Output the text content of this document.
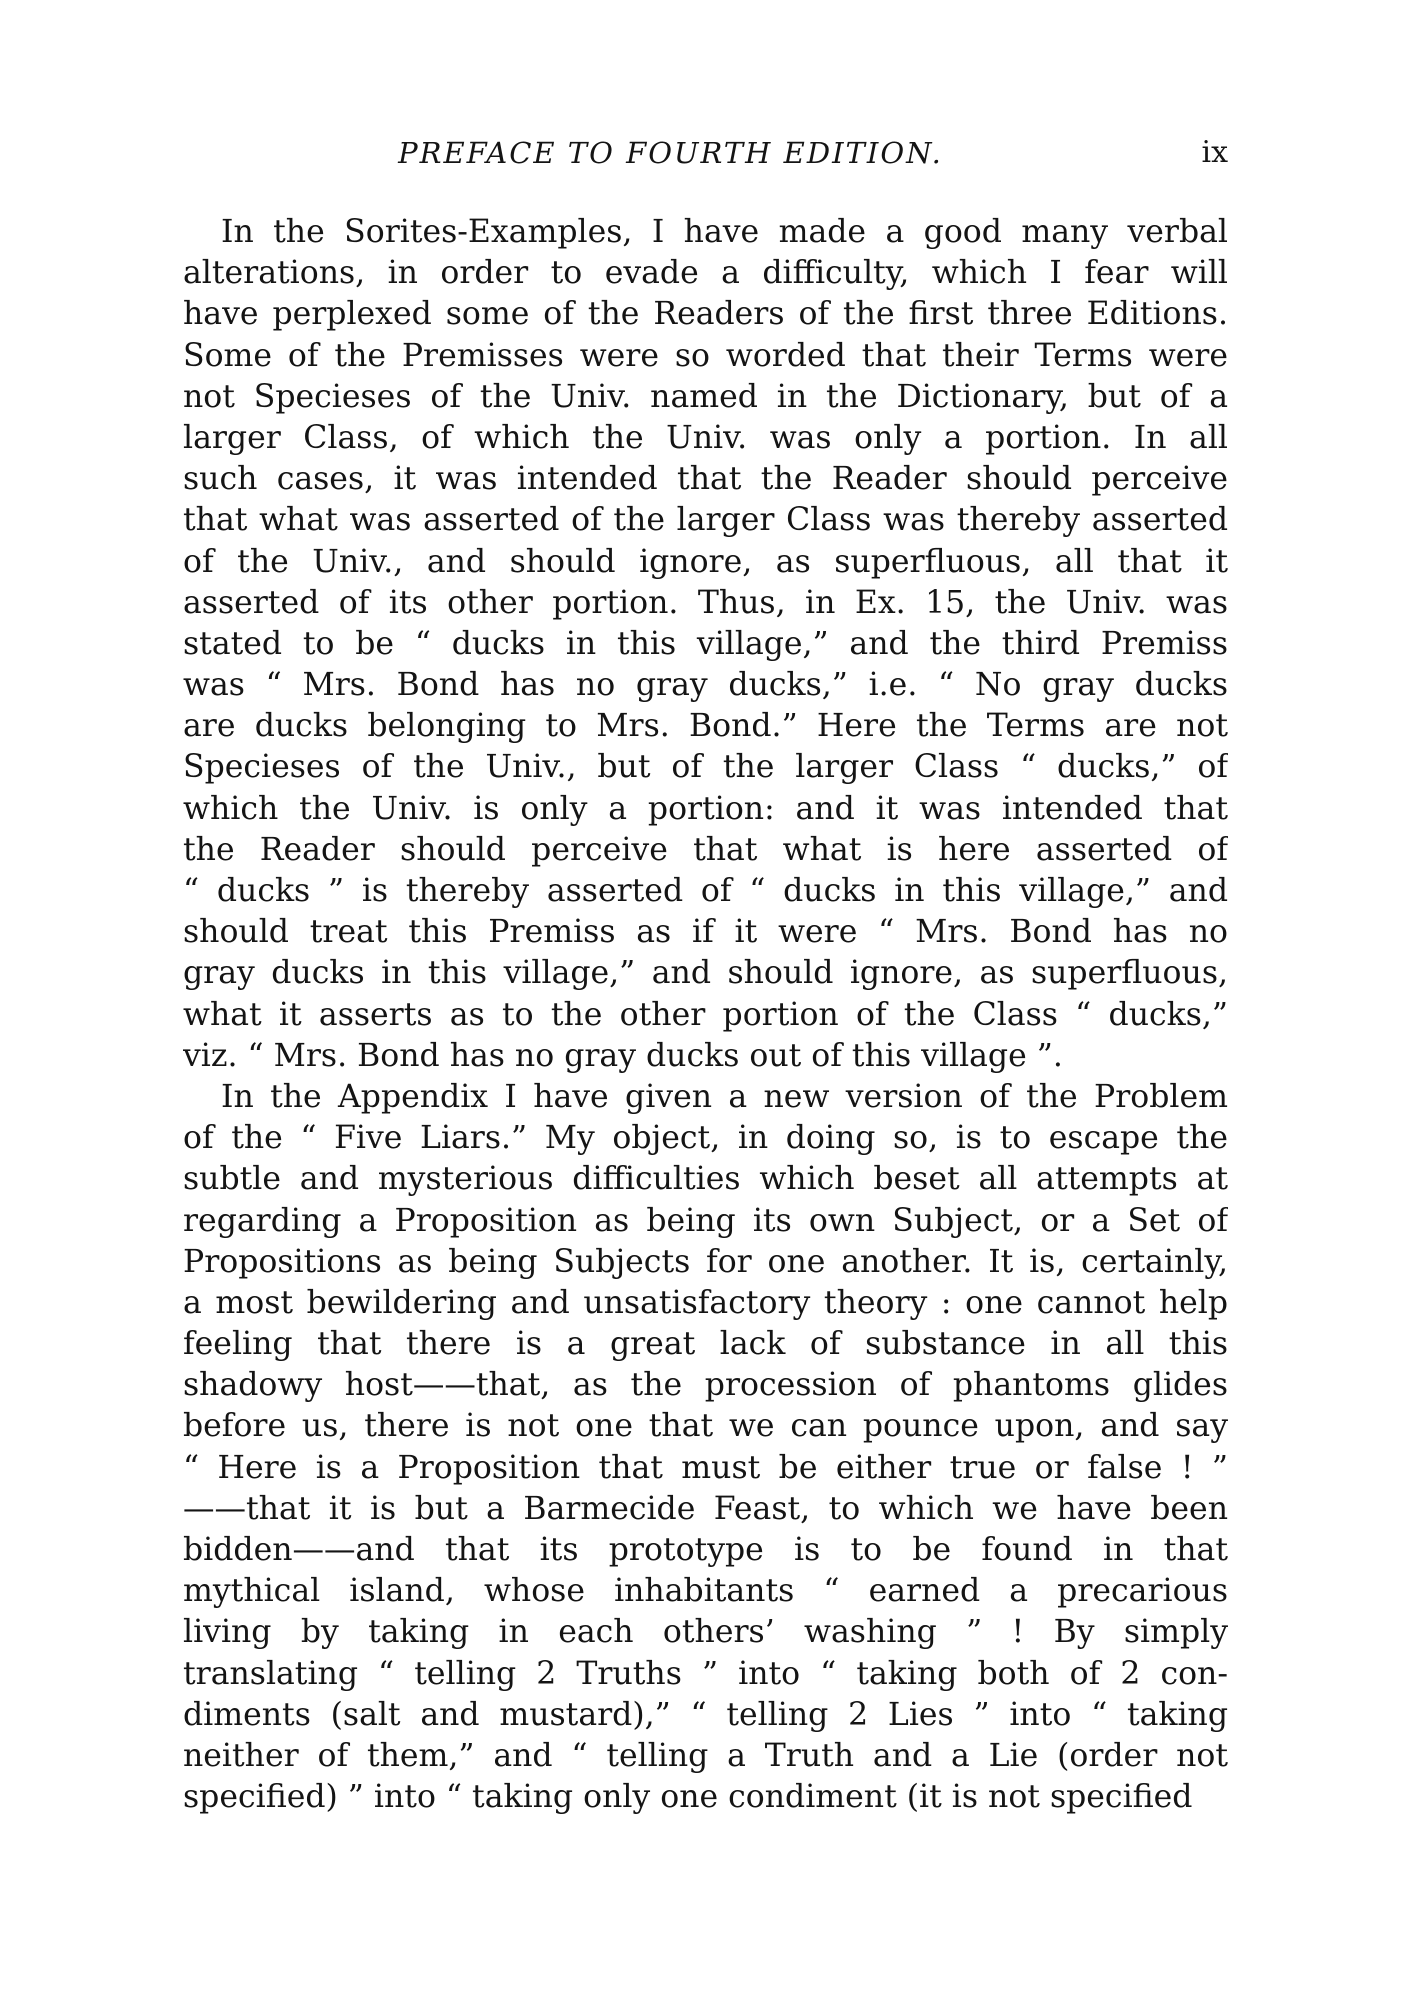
PREFACE TO FOURTH EDITION.	ix
In the Sorites-Examples, I have made a good many verbal
alterations, in order to evade a difficulty, which I fear will
have perplexed some of the Readers of the first three Editions.
Some of the Premisses were so worded that their Terms were
not Specieses of the Univ. named in the Dictionary, but of a
larger Class, of which the Univ. was only a portion. In all
such cases, it was intended that the Reader should perceive
that what was asserted of the larger Class was thereby asserted
of the Univ., and should ignore, as superfluous, all that it
asserted of its other portion. Thus, in Ex. 15, the Univ. was
stated to be “ ducks in this village,” and the third Premiss
was “ Mrs. Bond has no gray ducks,” i.e. “ No gray ducks
are ducks belonging to Mrs. Bond.” Here the Terms are not
Specieses of the Univ., but of the larger Class “ ducks,” of
which the Univ. is only a portion: and it was intended that
the Reader should perceive that what is here asserted of
“ ducks ” is thereby asserted of “ ducks in this village,” and
should treat this Premiss as if it were “ Mrs. Bond has no
gray ducks in this village,” and should ignore, as superfluous,
what it asserts as to the other portion of the Class “ ducks,”
viz. “ Mrs. Bond has no gray ducks out of this village ”.
In the Appendix I have given a new version of the Problem
of the “ Five Liars.” My object, in doing so, is to escape the
subtle and mysterious difficulties which beset all attempts at
regarding a Proposition as being its own Subject, or a Set of
Propositions as being Subjects for one another. It is, certainly,
a most bewildering and unsatisfactory theory : one cannot help
feeling that there is a great lack of substance in all this
shadowy host——that, as the procession of phantoms glides
before us, there is not one that we can pounce upon, and say
“ Here is a Proposition that must be either true or false ! ”
——that it is but a Barmecide Feast, to which we have been
bidden——and that its prototype is to be found in that
mythical island, whose inhabitants “ earned a precarious
living by taking in each others’ washing ” ! By simply
translating “ telling 2 Truths ” into “ taking both of 2 con-
diments (salt and mustard),” “ telling 2 Lies ” into “ taking
neither of them,” and “ telling a Truth and a Lie (order not
specified) ” into “ taking only one condiment (it is not specified
